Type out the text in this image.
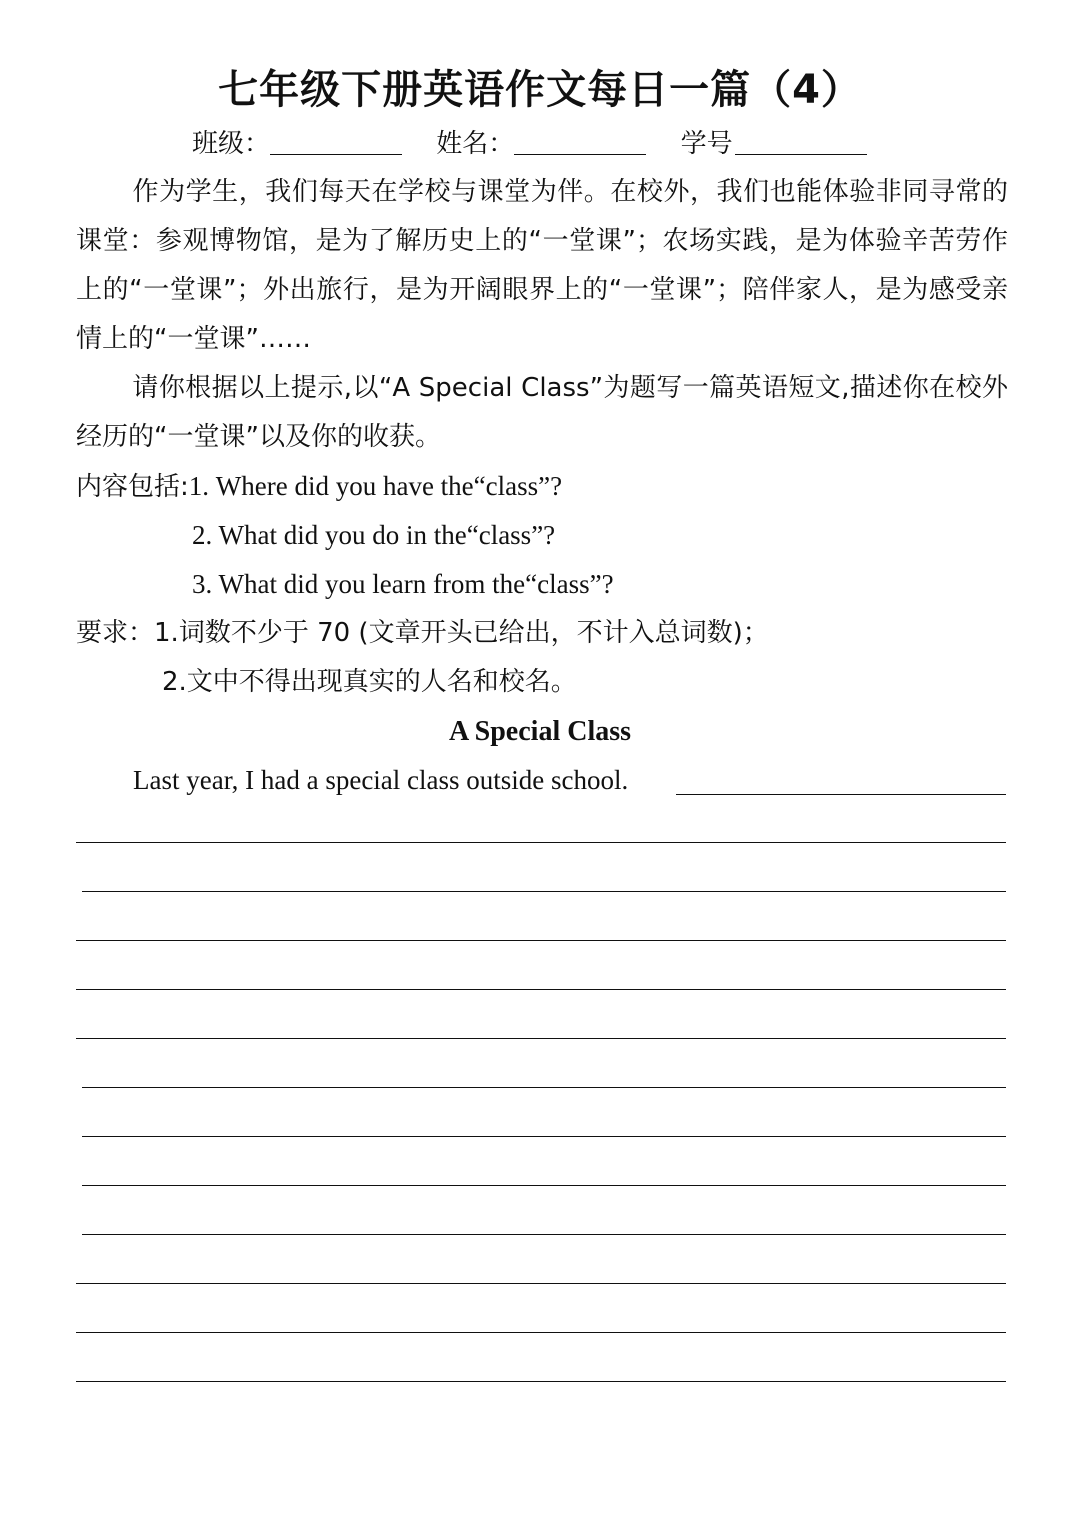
七年级下册英语作文每日一篇（4）
班级：	姓名：	学号
作为学生，我们每天在学校与课堂为伴。在校外，我们也能体验非同寻常的课堂：参观博物馆，是为了解历史上的“一堂课”；农场实践，是为体验辛苦劳作上的“一堂课”；外出旅行，是为开阔眼界上的“一堂课”；陪伴家人，是为感受亲情上的“一堂课”……
请你根据以上提示,以“A Special Class”为题写一篇英语短文,描述你在校外经历的“一堂课”以及你的收获。
内容包括:1. Where did you have the“class”?
2. What did you do in the“class”?
3. What did you learn from the“class”?
要求：1.词数不少于 70 (文章开头已给出，不计入总词数)；
2.文中不得出现真实的人名和校名。
A Special Class
Last year, I had a special class outside school.
